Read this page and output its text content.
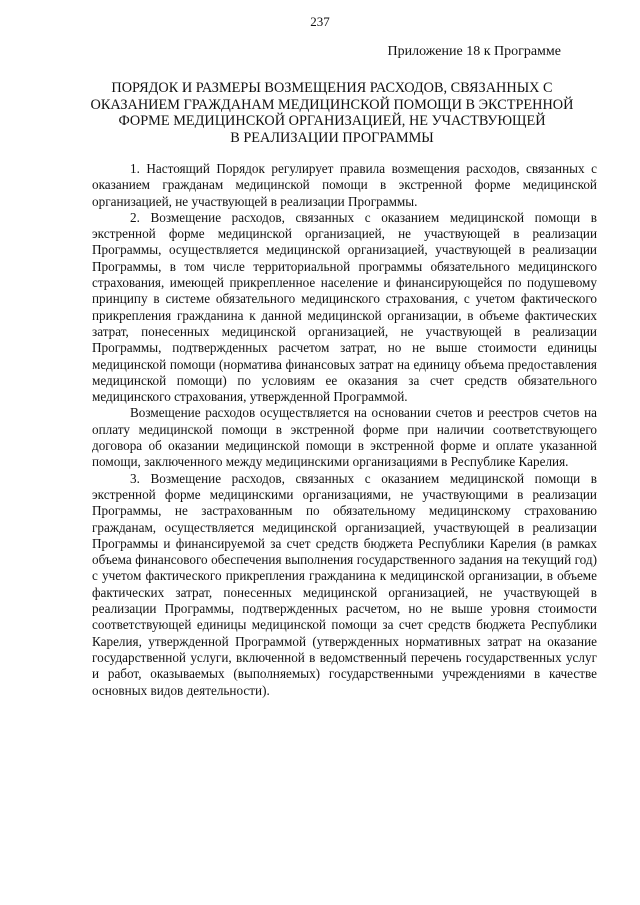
237
Приложение 18 к Программе
ПОРЯДОК И РАЗМЕРЫ ВОЗМЕЩЕНИЯ РАСХОДОВ, СВЯЗАННЫХ С
ОКАЗАНИЕМ ГРАЖДАНАМ МЕДИЦИНСКОЙ ПОМОЩИ В ЭКСТРЕННОЙ
ФОРМЕ МЕДИЦИНСКОЙ ОРГАНИЗАЦИЕЙ, НЕ УЧАСТВУЮЩЕЙ
В РЕАЛИЗАЦИИ ПРОГРАММЫ

1. Настоящий Порядок регулирует правила возмещения расходов, связанных с оказанием гражданам медицинской помощи в экстренной форме медицинской организацией, не участвующей в реализации Программы.

2. Возмещение расходов, связанных с оказанием медицинской помощи в экстренной форме медицинской организацией, не участвующей в реализации Программы, осуществляется медицинской организацией, участвующей в реализации Программы, в том числе территориальной программы обязательного медицинского страхования, имеющей прикрепленное население и финансирующейся по подушевому принципу в системе обязательного медицинского страхования, с учетом фактического прикрепления гражданина к данной медицинской организации, в объеме фактических затрат, понесенных медицинской организацией, не участвующей в реализации Программы, подтвержденных расчетом затрат, но не выше стоимости единицы медицинской помощи (норматива финансовых затрат на единицу объема предоставления медицинской помощи) по условиям ее оказания за счет средств обязательного медицинского страхования, утвержденной Программой.

Возмещение расходов осуществляется на основании счетов и реестров счетов на оплату медицинской помощи в экстренной форме при наличии соответствующего договора об оказании медицинской помощи в экстренной форме и оплате указанной помощи, заключенного между медицинскими организациями в Республике Карелия.

3. Возмещение расходов, связанных с оказанием медицинской помощи в экстренной форме медицинскими организациями, не участвующими в реализации Программы, не застрахованным по обязательному медицинскому страхованию гражданам, осуществляется медицинской организацией, участвующей в реализации Программы и финансируемой за счет средств бюджета Республики Карелия (в рамках объема финансового обеспечения выполнения государственного задания на текущий год) с учетом фактического прикрепления гражданина к медицинской организации, в объеме фактических затрат, понесенных медицинской организацией, не участвующей в реализации Программы, подтвержденных расчетом, но не выше уровня стоимости соответствующей единицы медицинской помощи за счет средств бюджета Республики Карелия, утвержденной Программой (утвержденных нормативных затрат на оказание государственной услуги, включенной в ведомственный перечень государственных услуг и работ, оказываемых (выполняемых) государственными учреждениями в качестве основных видов деятельности).
